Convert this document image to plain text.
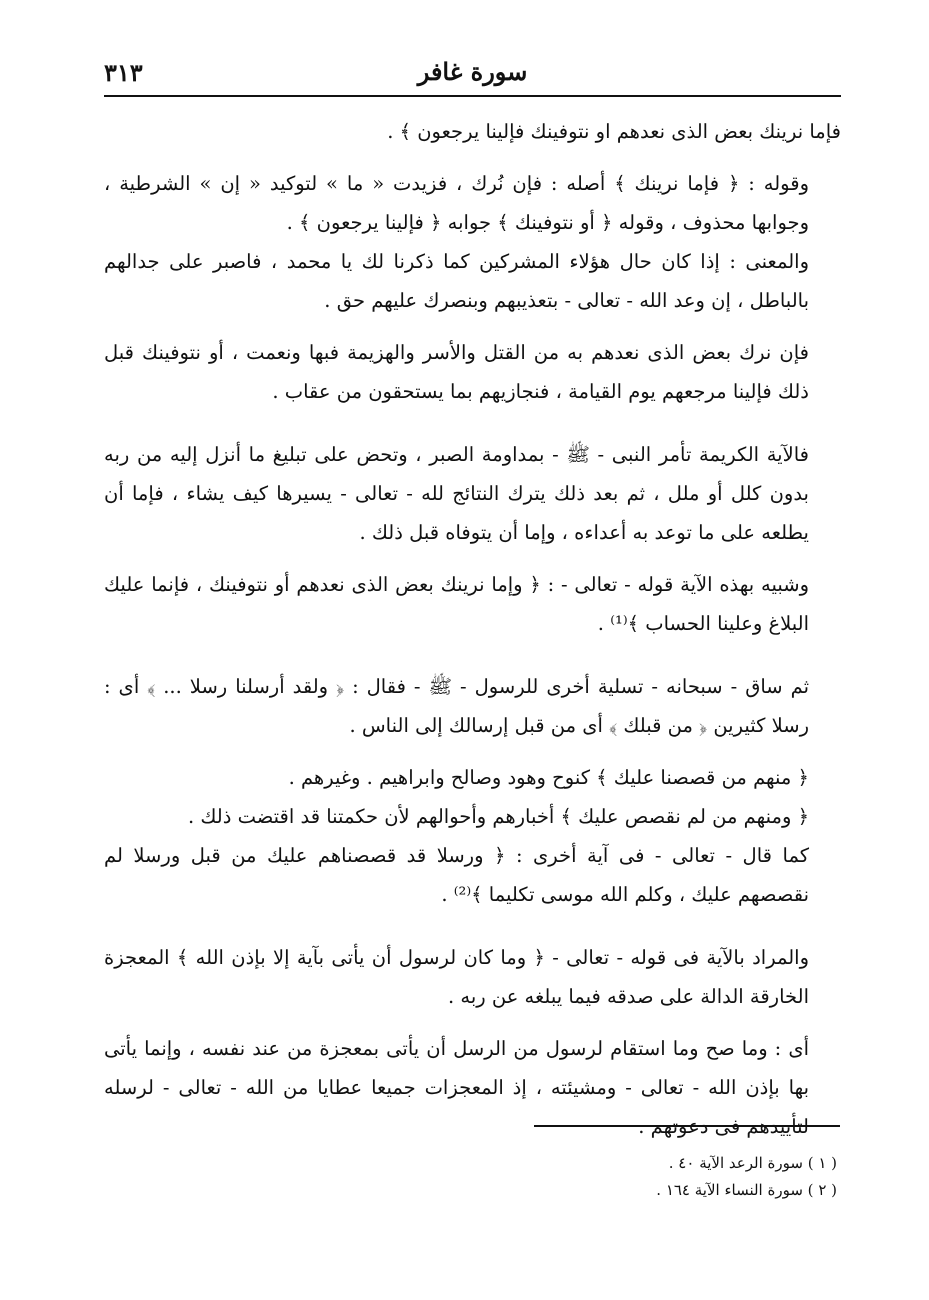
سورة غافر
٣١٣

فإما نرينك بعض الذى نعدهم او نتوفينك فإلينا يرجعون ﴾ .

وقوله : ﴿ فإما نرينك ﴾ أصله : فإن نُرك ، فزيدت « ما » لتوكيد « إن » الشرطية ، وجوابها محذوف ، وقوله ﴿ أو نتوفينك ﴾ جوابه ﴿ فإلينا يرجعون ﴾ .

والمعنى : إذا كان حال هؤلاء المشركين كما ذكرنا لك يا محمد ، فاصبر على جدالهم بالباطل ، إن وعد الله - تعالى - بتعذيبهم وبنصرك عليهم حق .

فإن نرك بعض الذى نعدهم به من القتل والأسر والهزيمة فبها ونعمت ، أو نتوفينك قبل ذلك فإلينا مرجعهم يوم القيامة ، فنجازيهم بما يستحقون من عقاب .

فالآية الكريمة تأمر النبى - ﷺ - بمداومة الصبر ، وتحض على تبليغ ما أنزل إليه من ربه بدون كلل أو ملل ، ثم بعد ذلك يترك النتائج لله - تعالى - يسيرها كيف يشاء ، فإما أن يطلعه على ما توعد به أعداءه ، وإما أن يتوفاه قبل ذلك .

وشبيه بهذه الآية قوله - تعالى - : ﴿ وإما نرينك بعض الذى نعدهم أو نتوفينك ، فإنما عليك البلاغ وعلينا الحساب ﴾⁽¹⁾ .

ثم ساق - سبحانه - تسلية أخرى للرسول - ﷺ - فقال : ﴿ ولقد أرسلنا رسلا ... ﴾ أى : رسلا كثيرين ﴿ من قبلك ﴾ أى من قبل إرسالك إلى الناس .

﴿ منهم من قصصنا عليك ﴾ كنوح وهود وصالح وابراهيم . وغيرهم .

﴿ ومنهم من لم نقصص عليك ﴾ أخبارهم وأحوالهم لأن حكمتنا قد اقتضت ذلك .

كما قال - تعالى - فى آية أخرى : ﴿ ورسلا قد قصصناهم عليك من قبل ورسلا لم نقصصهم عليك ، وكلم الله موسى تكليما ﴾⁽²⁾ .

والمراد بالآية فى قوله - تعالى - ﴿ وما كان لرسول أن يأتى بآية إلا بإذن الله ﴾ المعجزة الخارقة الدالة على صدقه فيما يبلغه عن ربه .

أى : وما صح وما استقام لرسول من الرسل أن يأتى بمعجزة من عند نفسه ، وإنما يأتى بها بإذن الله - تعالى - ومشيئته ، إذ المعجزات جميعا عطايا من الله - تعالى - لرسله لتأييدهم فى دعوتهم .

( ١ ) سورة الرعد الآية ٤٠ .

( ٢ ) سورة النساء الآية ١٦٤ .
